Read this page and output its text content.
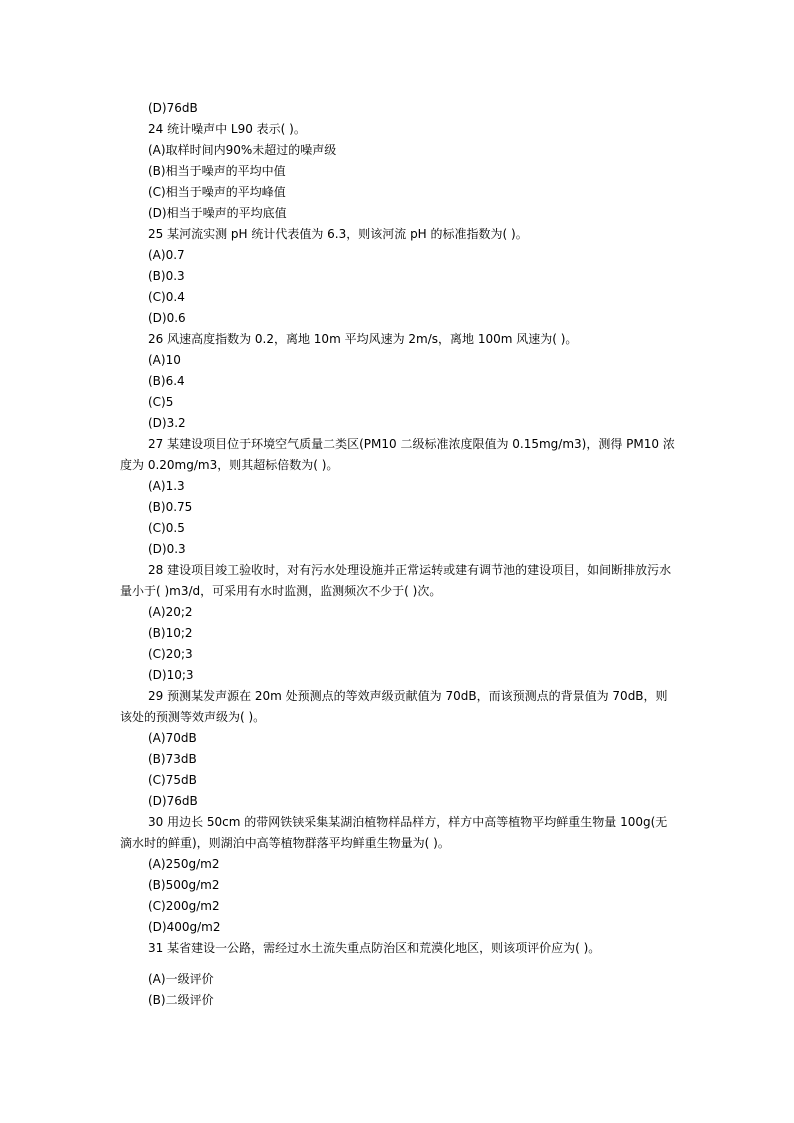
(D)76dB
24 统计噪声中 L90 表示( )。
(A)取样时间内90%未超过的噪声级
(B)相当于噪声的平均中值
(C)相当于噪声的平均峰值
(D)相当于噪声的平均底值
25 某河流实测 pH 统计代表值为 6.3，则该河流 pH 的标准指数为( )。
(A)0.7
(B)0.3
(C)0.4
(D)0.6
26 风速高度指数为 0.2，离地 10m 平均风速为 2m/s，离地 100m 风速为( )。
(A)10
(B)6.4
(C)5
(D)3.2
27 某建设项目位于环境空气质量二类区(PM10 二级标准浓度限值为 0.15mg/m3)，测得 PM10 浓度为 0.20mg/m3，则其超标倍数为( )。
(A)1.3
(B)0.75
(C)0.5
(D)0.3
28 建设项目竣工验收时，对有污水处理设施并正常运转或建有调节池的建设项目，如间断排放污水量小于( )m3/d，可采用有水时监测，监测频次不少于( )次。
(A)20;2
(B)10;2
(C)20;3
(D)10;3
29 预测某发声源在 20m 处预测点的等效声级贡献值为 70dB，而该预测点的背景值为 70dB，则该处的预测等效声级为( )。
(A)70dB
(B)73dB
(C)75dB
(D)76dB
30 用边长 50cm 的带网铁铗采集某湖泊植物样品样方，样方中高等植物平均鲜重生物量 100g(无滴水时的鲜重)，则湖泊中高等植物群落平均鲜重生物量为( )。
(A)250g/m2
(B)500g/m2
(C)200g/m2
(D)400g/m2
31 某省建设一公路，需经过水土流失重点防治区和荒漠化地区，则该项评价应为( )。
(A)一级评价
(B)二级评价
